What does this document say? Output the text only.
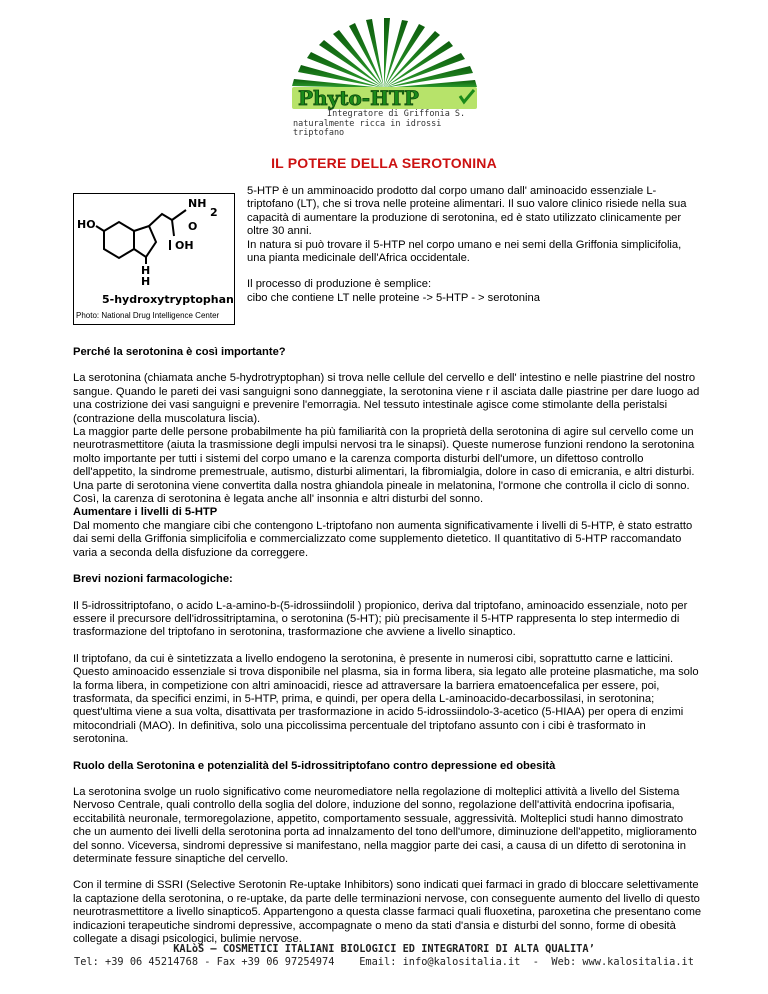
Phyto-HTP
Integratore di Griffonia S.
naturalmente ricca in idrossi triptofano
IL POTERE DELLA SEROTONINA
HO
NH
2
O
OH
H
H
5-hydroxytryptophan
Photo: National Drug Intelligence Center

5-HTP è un amminoacido prodotto dal corpo umano dall' aminoacido essenziale L-triptofano (LT), che si trova nelle proteine alimentari. Il suo valore clinico risiede nella sua capacità di aumentare la produzione di serotonina, ed è stato utilizzato clinicamente per oltre 30 anni.

In natura si può trovare il 5-HTP nel corpo umano e nei semi della Griffonia simplicifolia, una pianta medicinale dell'Africa occidentale.

Il processo di produzione è semplice:

cibo che contiene LT nelle proteine -> 5-HTP - > serotonina

Perché la serotonina è così importante?

La serotonina (chiamata anche 5-hydrotryptophan) si trova nelle cellule del cervello e dell' intestino e nelle piastrine del nostro sangue. Quando le pareti dei vasi sanguigni sono danneggiate, la serotonina viene r il asciata dalle piastrine per dare luogo ad una costrizione dei vasi sanguigni e prevenire l'emorragia. Nel tessuto intestinale agisce come stimolante della peristalsi (contrazione della muscolatura liscia).

La maggior parte delle persone probabilmente ha più familiarità con la proprietà della serotonina di agire sul cervello come un neurotrasmettitore (aiuta la trasmissione degli impulsi nervosi tra le sinapsi). Queste numerose funzioni rendono la serotonina molto importante per tutti i sistemi del corpo umano e la carenza comporta disturbi dell'umore, un difettoso controllo dell'appetito, la sindrome premestruale, autismo, disturbi alimentari, la fibromialgia, dolore in caso di emicrania, e altri disturbi. Una parte di serotonina viene convertita dalla nostra ghiandola pineale in melatonina, l'ormone che controlla il ciclo di sonno. Così, la carenza di serotonina è legata anche all' insonnia e altri disturbi del sonno.

Aumentare i livelli di 5-HTP

Dal momento che mangiare cibi che contengono L-triptofano non aumenta significativamente i livelli di 5-HTP, è stato estratto dai semi della Griffonia simplicifolia e commercializzato come supplemento dietetico. Il quantitativo di 5-HTP raccomandato varia a seconda della disfuzione da correggere.

Brevi nozioni farmacologiche:

Il 5-idrossitriptofano, o acido L-a-amino-b-(5-idrossiindolil ) propionico, deriva dal triptofano, aminoacido essenziale, noto per essere il precursore dell'idrossitriptamina, o serotonina (5-HT); più precisamente il 5-HTP rappresenta lo step intermedio di trasformazione del triptofano in serotonina, trasformazione che avviene a livello sinaptico.

Il triptofano, da cui è sintetizzata a livello endogeno la serotonina, è presente in numerosi cibi, soprattutto carne e latticini. Questo aminoacido essenziale si trova disponibile nel plasma, sia in forma libera, sia legato alle proteine plasmatiche, ma solo la forma libera, in competizione con altri aminoacidi, riesce ad attraversare la barriera ematoencefalica per essere, poi, trasformata, da specifici enzimi, in 5-HTP, prima, e quindi, per opera della L-aminoacido-decarbossilasi, in serotonina; quest'ultima viene a sua volta, disattivata per trasformazione in acido 5-idrossiindolo-3-acetico (5-HIAA) per opera di enzimi mitocondriali (MAO). In definitiva, solo una piccolissima percentuale del triptofano assunto con i cibi è trasformato in serotonina.

Ruolo della Serotonina e potenzialità del 5-idrossitriptofano contro depressione ed obesità

La serotonina svolge un ruolo significativo come neuromediatore nella regolazione di molteplici attività a livello del Sistema Nervoso Centrale, quali controllo della soglia del dolore, induzione del sonno, regolazione dell'attività endocrina ipofisaria, eccitabilità neuronale, termoregolazione, appetito, comportamento sessuale, aggressività. Molteplici studi hanno dimostrato che un aumento dei livelli della serotonina porta ad innalzamento del tono dell'umore, diminuzione dell'appetito, miglioramento del sonno. Viceversa, sindromi depressive si manifestano, nella maggior parte dei casi, a causa di un difetto di serotonina in determinate fessure sinaptiche del cervello.

Con il termine di SSRI (Selective Serotonin Re-uptake Inhibitors) sono indicati quei farmaci in grado di bloccare selettivamente la captazione della serotonina, o re-uptake, da parte delle terminazioni nervose, con conseguente aumento del livello di questo neurotrasmettitore a livello sinaptico5. Appartengono a questa classe farmaci quali fluoxetina, paroxetina che presentano come indicazioni terapeutiche sindromi depressive, accompagnate o meno da stati d'ansia e disturbi del sonno, forme di obesità collegate a disagi psicologici, bulimie nervose.

KALòS – COSMETICI ITALIANI BIOLOGICI ED INTEGRATORI DI ALTA QUALITA’
Tel: +39 06 45214768 - Fax +39 06 97254974    Email: info@kalositalia.it  -  Web: www.kalositalia.it
